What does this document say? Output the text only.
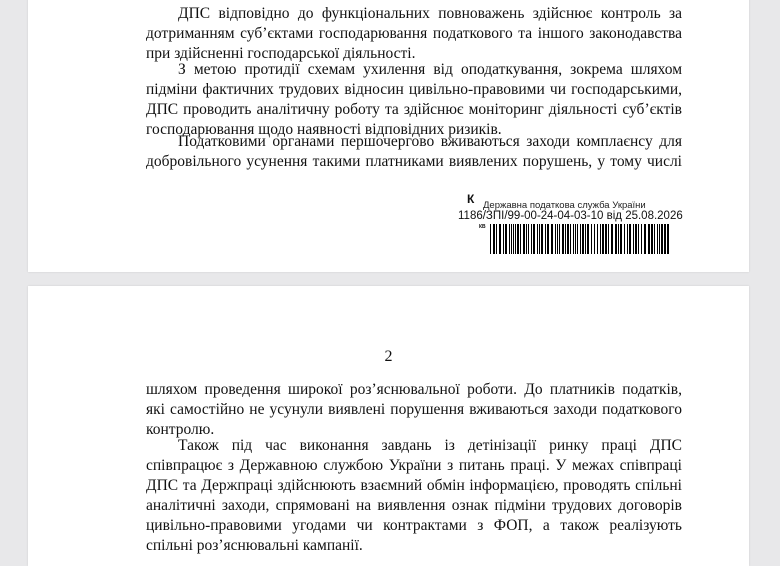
ДПС відповідно до функціональних повноважень здійснює контроль за
дотриманням суб’єктами господарювання податкового та іншого законодавства
при здійсненні господарської діяльності.
З метою протидії схемам ухилення від оподаткування, зокрема шляхом
підміни фактичних трудових відносин цивільно-правовими чи господарськими,
ДПС проводить аналітичну роботу та здійснює моніторинг діяльності суб’єктів
господарювання щодо наявності відповідних ризиків.
Податковими органами першочергово вживаються заходи комплаєнсу для
добровільного усунення такими платниками виявлених порушень, у тому числі
К Державна податкова служба України
1186/ЗПІ/99-00-24-04-03-10 від 25.08.2026
КВ
2
шляхом проведення широкої роз’яснювальної роботи. До платників податків,
які самостійно не усунули виявлені порушення вживаються заходи податкового
контролю.
Також під час виконання завдань із детінізації ринку праці ДПС
співпрацює з Державною службою України з питань праці. У межах співпраці
ДПС та Держпраці здійснюють взаємний обмін інформацією, проводять спільні
аналітичні заходи, спрямовані на виявлення ознак підміни трудових договорів
цивільно-правовими угодами чи контрактами з ФОП, а також реалізують
спільні роз’яснювальні кампанії.
